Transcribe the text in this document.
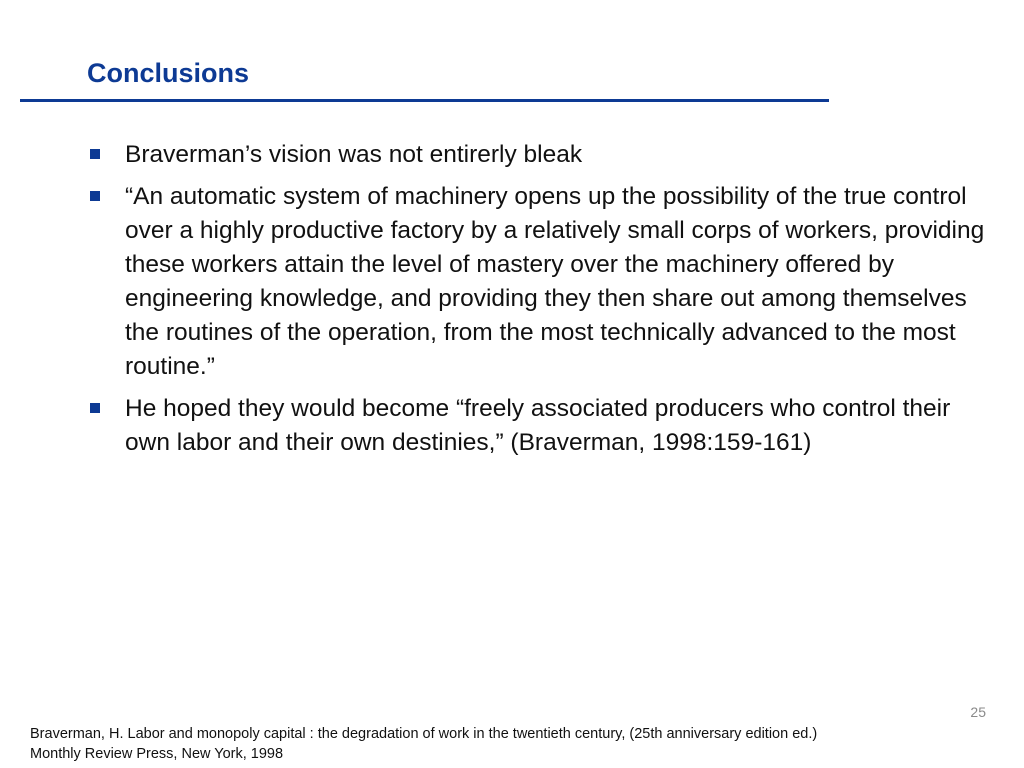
Conclusions
Braverman’s vision was not entirerly bleak
“An automatic system of machinery opens up the possibility of the true control over a highly productive factory by a relatively small corps of workers, providing these workers attain the level of mastery over the machinery offered by engineering knowledge, and providing they then share out among themselves the routines of the operation, from the most technically advanced to the most routine.”
He hoped they would become “freely associated producers who control their own labor and their own destinies,” (Braverman, 1998:159-161)
25
Braverman, H. Labor and monopoly capital : the degradation of work in the twentieth century, (25th anniversary edition ed.)
Monthly Review Press, New York, 1998
